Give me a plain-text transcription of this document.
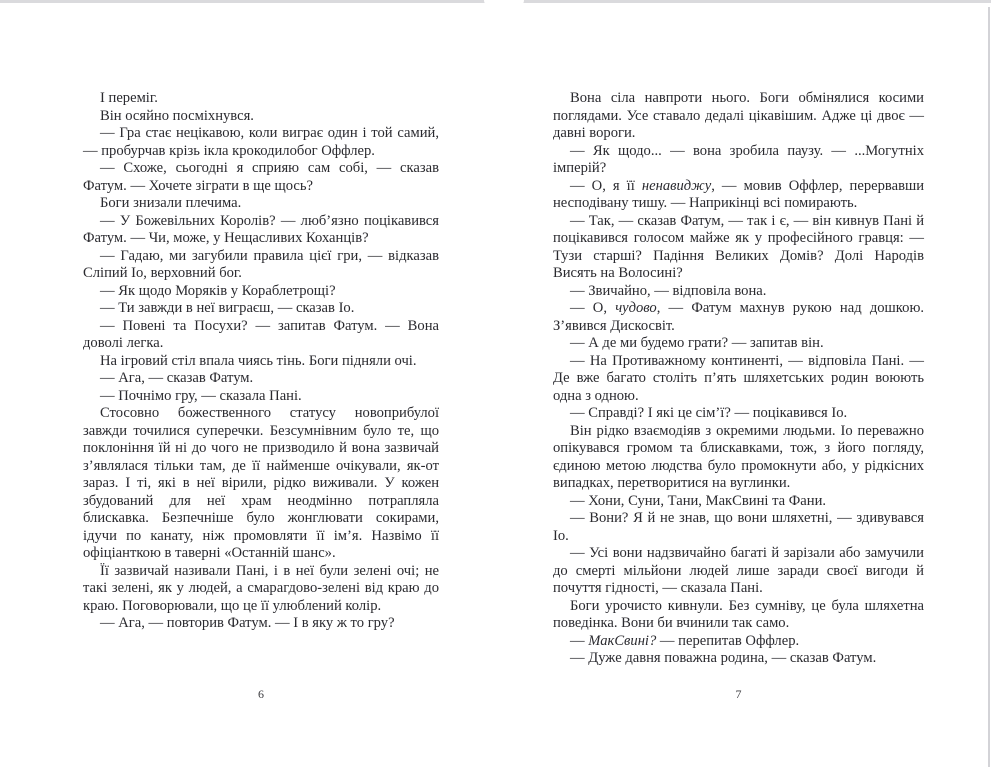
І переміг.

Він осяйно посміхнувся.

— Гра стає нецікавою, коли виграє один і той самий, — пробурчав крізь ікла крокодилобог Оффлер.

— Схоже, сьогодні я сприяю сам собі, — сказав Фатум. — Хочете зіграти в ще щось?

Боги знизали плечима.

— У Божевільних Королів? — люб’язно поцікавився Фатум. — Чи, може, у Нещасливих Коханців?

— Гадаю, ми загубили правила цієї гри, — відказав Сліпий Іо, верховний бог.

— Як щодо Моряків у Кораблетрощі?

— Ти завжди в неї виграєш, — сказав Іо.

— Повені та Посухи? — запитав Фатум. — Вона доволі легка.

На ігровий стіл впала чиясь тінь. Боги підняли очі.

— Ага, — сказав Фатум.

— Почнімо гру, — сказала Пані.

Стосовно божественного статусу новоприбулої завжди точилися суперечки. Безсумнівним було те, що поклоніння їй ні до чого не призводило й вона зазвичай з’являлася тільки там, де її найменше очікували, як-от зараз. І ті, які в неї вірили, рідко виживали. У кожен збудований для неї храм неодмінно потрапляла блискавка. Безпечніше було жонглювати сокирами, ідучи по канату, ніж промовляти її ім’я. Назвімо її офіціанткою в таверні «Останній шанс».

Її зазвичай називали Пані, і в неї були зелені очі; не такі зелені, як у людей, а смарагдово-зелені від краю до краю. Поговорювали, що це її улюблений колір.

— Ага, — повторив Фатум. — І в яку ж то гру?

6

Вона сіла навпроти нього. Боги обмінялися косими поглядами. Усе ставало дедалі цікавішим. Адже ці двоє — давні вороги.

— Як щодо... — вона зробила паузу. — ...Могутніх імперій?

— О, я її ненавиджу, — мовив Оффлер, перервавши несподівану тишу. — Наприкінці всі помирають.

— Так, — сказав Фатум, — так і є, — він кивнув Пані й поцікавився голосом майже як у професійного гравця: — Тузи старші? Падіння Великих Домів? Долі Народів Висять на Волосині?

— Звичайно, — відповіла вона.

— О, чудово, — Фатум махнув рукою над дошкою. З’явився Дискосвіт.

— А де ми будемо грати? — запитав він.

— На Противажному континенті, — відповіла Пані. — Де вже багато століть п’ять шляхетських родин воюють одна з одною.

— Справді? І які це сім’ї? — поцікавився Іо.

Він рідко взаємодіяв з окремими людьми. Іо переважно опікувався громом та блискавками, тож, з його погляду, єдиною метою людства було промокнути або, у рідкісних випадках, перетворитися на вуглинки.

— Хони, Суни, Тани, МакСвині та Фани.

— Вони? Я й не знав, що вони шляхетні, — здивувався Іо.

— Усі вони надзвичайно багаті й зарізали або замучили до смерті мільйони людей лише заради своєї вигоди й почуття гідності, — сказала Пані.

Боги урочисто кивнули. Без сумніву, це була шляхетна поведінка. Вони би вчинили так само.

— МакСвині? — перепитав Оффлер.

— Дуже давня поважна родина, — сказав Фатум.

7
